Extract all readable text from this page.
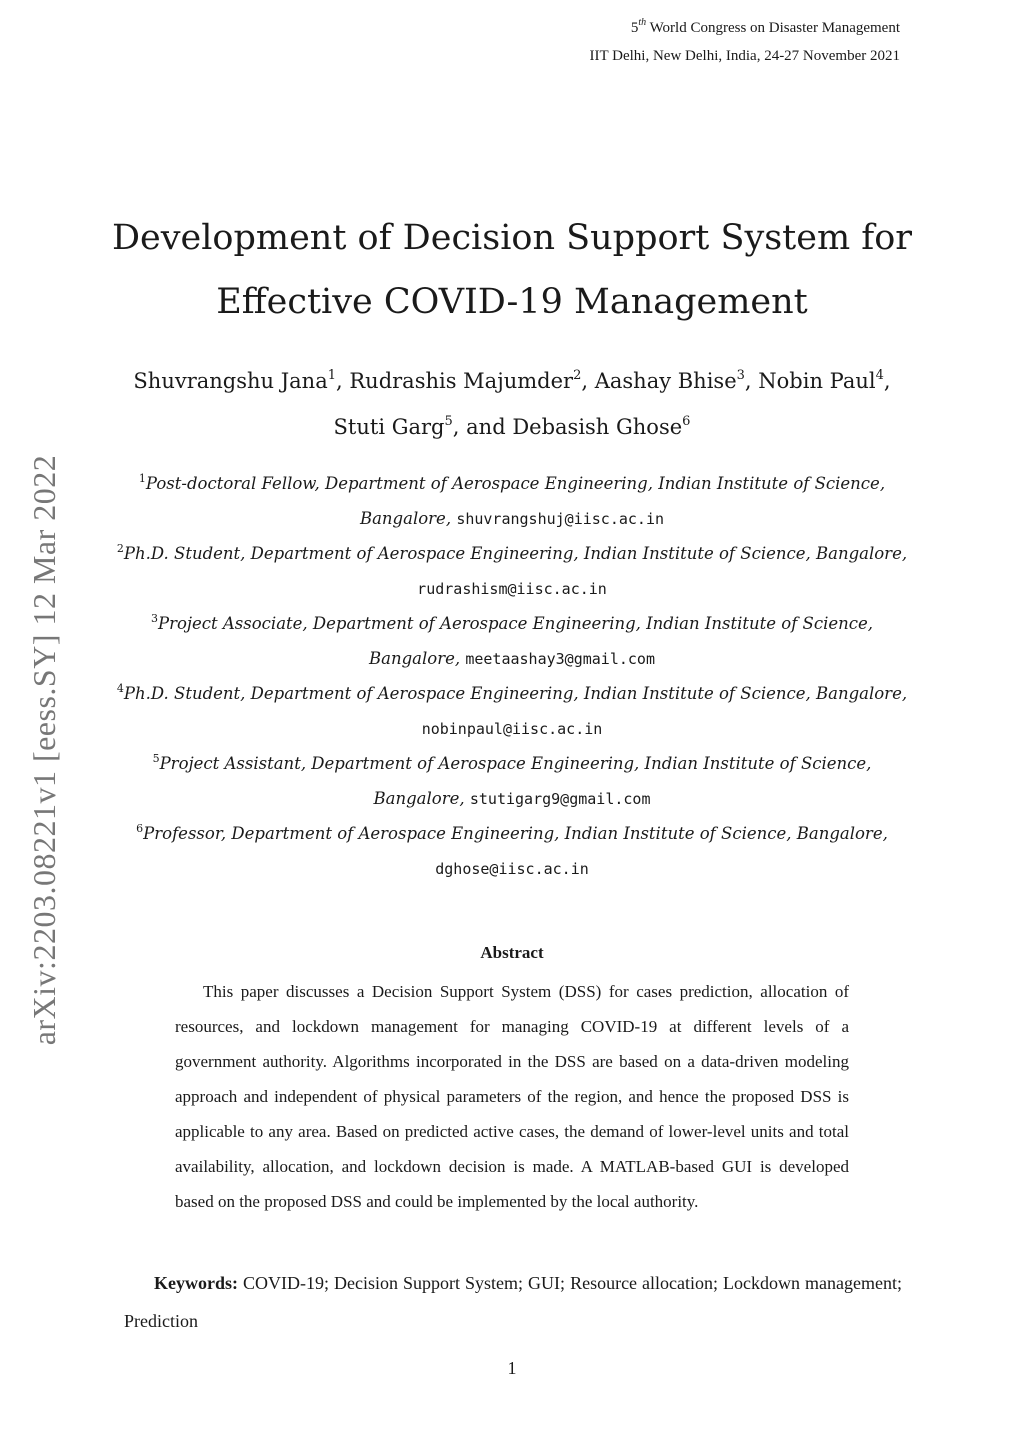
5th World Congress on Disaster Management
IIT Delhi, New Delhi, India, 24-27 November 2021
arXiv:2203.08221v1 [eess.SY] 12 Mar 2022
Development of Decision Support System for
Effective COVID-19 Management
Shuvrangshu Jana$^1$, Rudrashis Majumder$^2$, Aashay Bhise$^3$, Nobin Paul$^4$,
Stuti Garg$^5$, and Debasish Ghose$^6$
$^1$Post-doctoral Fellow, Department of Aerospace Engineering, Indian Institute of Science,
Bangalore, shuvrangshuj@iisc.ac.in
$^2$Ph.D. Student, Department of Aerospace Engineering, Indian Institute of Science, Bangalore,
rudrashism@iisc.ac.in
$^3$Project Associate, Department of Aerospace Engineering, Indian Institute of Science,
Bangalore, meetaashay3@gmail.com
$^4$Ph.D. Student, Department of Aerospace Engineering, Indian Institute of Science, Bangalore,
nobinpaul@iisc.ac.in
$^5$Project Assistant, Department of Aerospace Engineering, Indian Institute of Science,
Bangalore, stutigarg9@gmail.com
$^6$Professor, Department of Aerospace Engineering, Indian Institute of Science, Bangalore,
dghose@iisc.ac.in
Abstract

This paper discusses a Decision Support System (DSS) for cases prediction, allocation of resources, and lockdown management for managing COVID-19 at different levels of a government authority. Algorithms incorporated in the DSS are based on a data-driven modeling approach and independent of physical parameters of the region, and hence the proposed DSS is applicable to any area. Based on predicted active cases, the demand of lower-level units and total availability, allocation, and lockdown decision is made. A MATLAB-based GUI is developed based on the proposed DSS and could be implemented by the local authority.

Keywords: COVID-19; Decision Support System; GUI; Resource allocation; Lockdown management; Prediction

1
